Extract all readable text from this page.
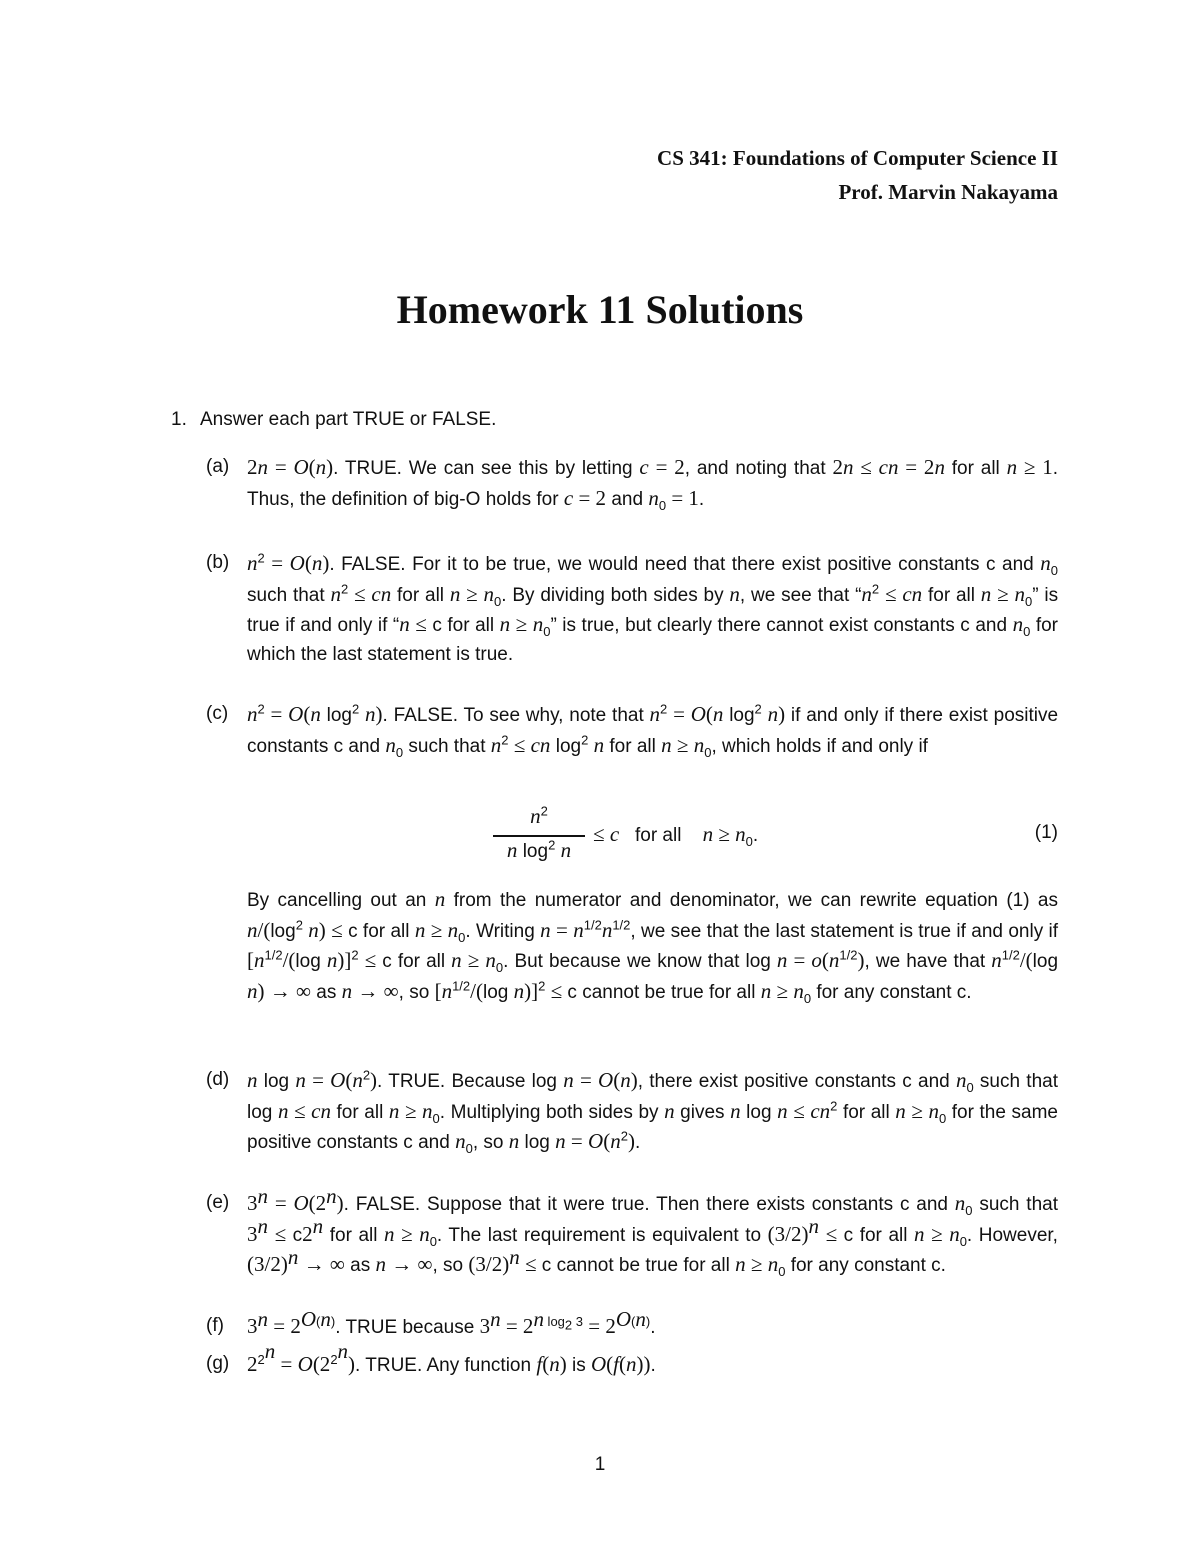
CS 341: Foundations of Computer Science II
Prof. Marvin Nakayama
Homework 11 Solutions
1. Answer each part TRUE or FALSE.
(a) 2n = O(n). TRUE. We can see this by letting c = 2, and noting that 2n ≤ cn = 2n for all n ≥ 1. Thus, the definition of big-O holds for c = 2 and $n_0 = 1$.

(b) $n^2 = O(n)$. FALSE. For it to be true, we would need that there exist positive constants c and $n_0$ such that $n^2$ ≤ cn for all $n \ge n_0$. By dividing both sides by n, we see that “$n^2$ ≤ cn for all $n \ge n_0$” is true if and only if “n ≤ c for all $n \ge n_0$” is true, but clearly there cannot exist constants c and $n_0$ for which the last statement is true.

(c) $n^2 = O(n$ $\log^2 n$). FALSE. To see why, note that $n^2 = O(n$ $\log^2 n$) if and only if there exist positive constants c and $n_0$ such that $n^2$ ≤ cn $\log^2 n$ for all $n \ge n_0$, which holds if and only if

$n^2$
n $\log^2 n$
≤ c for all $n \ge n_0$.	(1)

By cancelling out an n from the numerator and denominator, we can rewrite equation (1) as $n/(\log^2$ n) ≤ c for all $n \ge n_0$. Writing $n = n^{1/2}n^{1/2}$, we see that the last statement is true if and only if [$n^{1/2}/(\log$ n)]$^2$ ≤ c for all $n \ge n_0$. But because we know that $\log n = o(n^{1/2})$, we have that $n^{1/2}/(\log$ n) → ∞ as n → ∞, so [$n^{1/2}/(\log$ n)]$^2$ ≤ c cannot be true for all $n \ge n_0$ for any constant c.

(d) n $\log n = O(n^2)$. TRUE. Because log n = O(n), there exist positive constants c and $n_0$ such that log n ≤ cn for all $n \ge n_0$. Multiplying both sides by n gives n $\log n \le cn^2$ for all $n \ge n_0$ for the same positive constants c and $n_0$, so n $\log n = O(n^2)$.

(e) $3^n = O(2^n)$. FALSE. Suppose that it were true. Then there exists constants c and $n_0$ such that $3^n \le c2^n$ for all $n \ge n_0$. The last requirement is equivalent to $(3/2)^n \le c$ for all $n \ge n_0$. However, $(3/2)^n$ → ∞ as n → ∞, so $(3/2)^n \le c$ cannot be true for all $n \ge n_0$ for any constant c.

(f)	$3^n = 2^{O(n)}$. TRUE because $3^n = 2^{n log_2 3} = 2^{O(n)}$.

(g) $2^{2^n} = O(2^{2^n})$. TRUE. Any function f(n) is O(f(n)).

1
